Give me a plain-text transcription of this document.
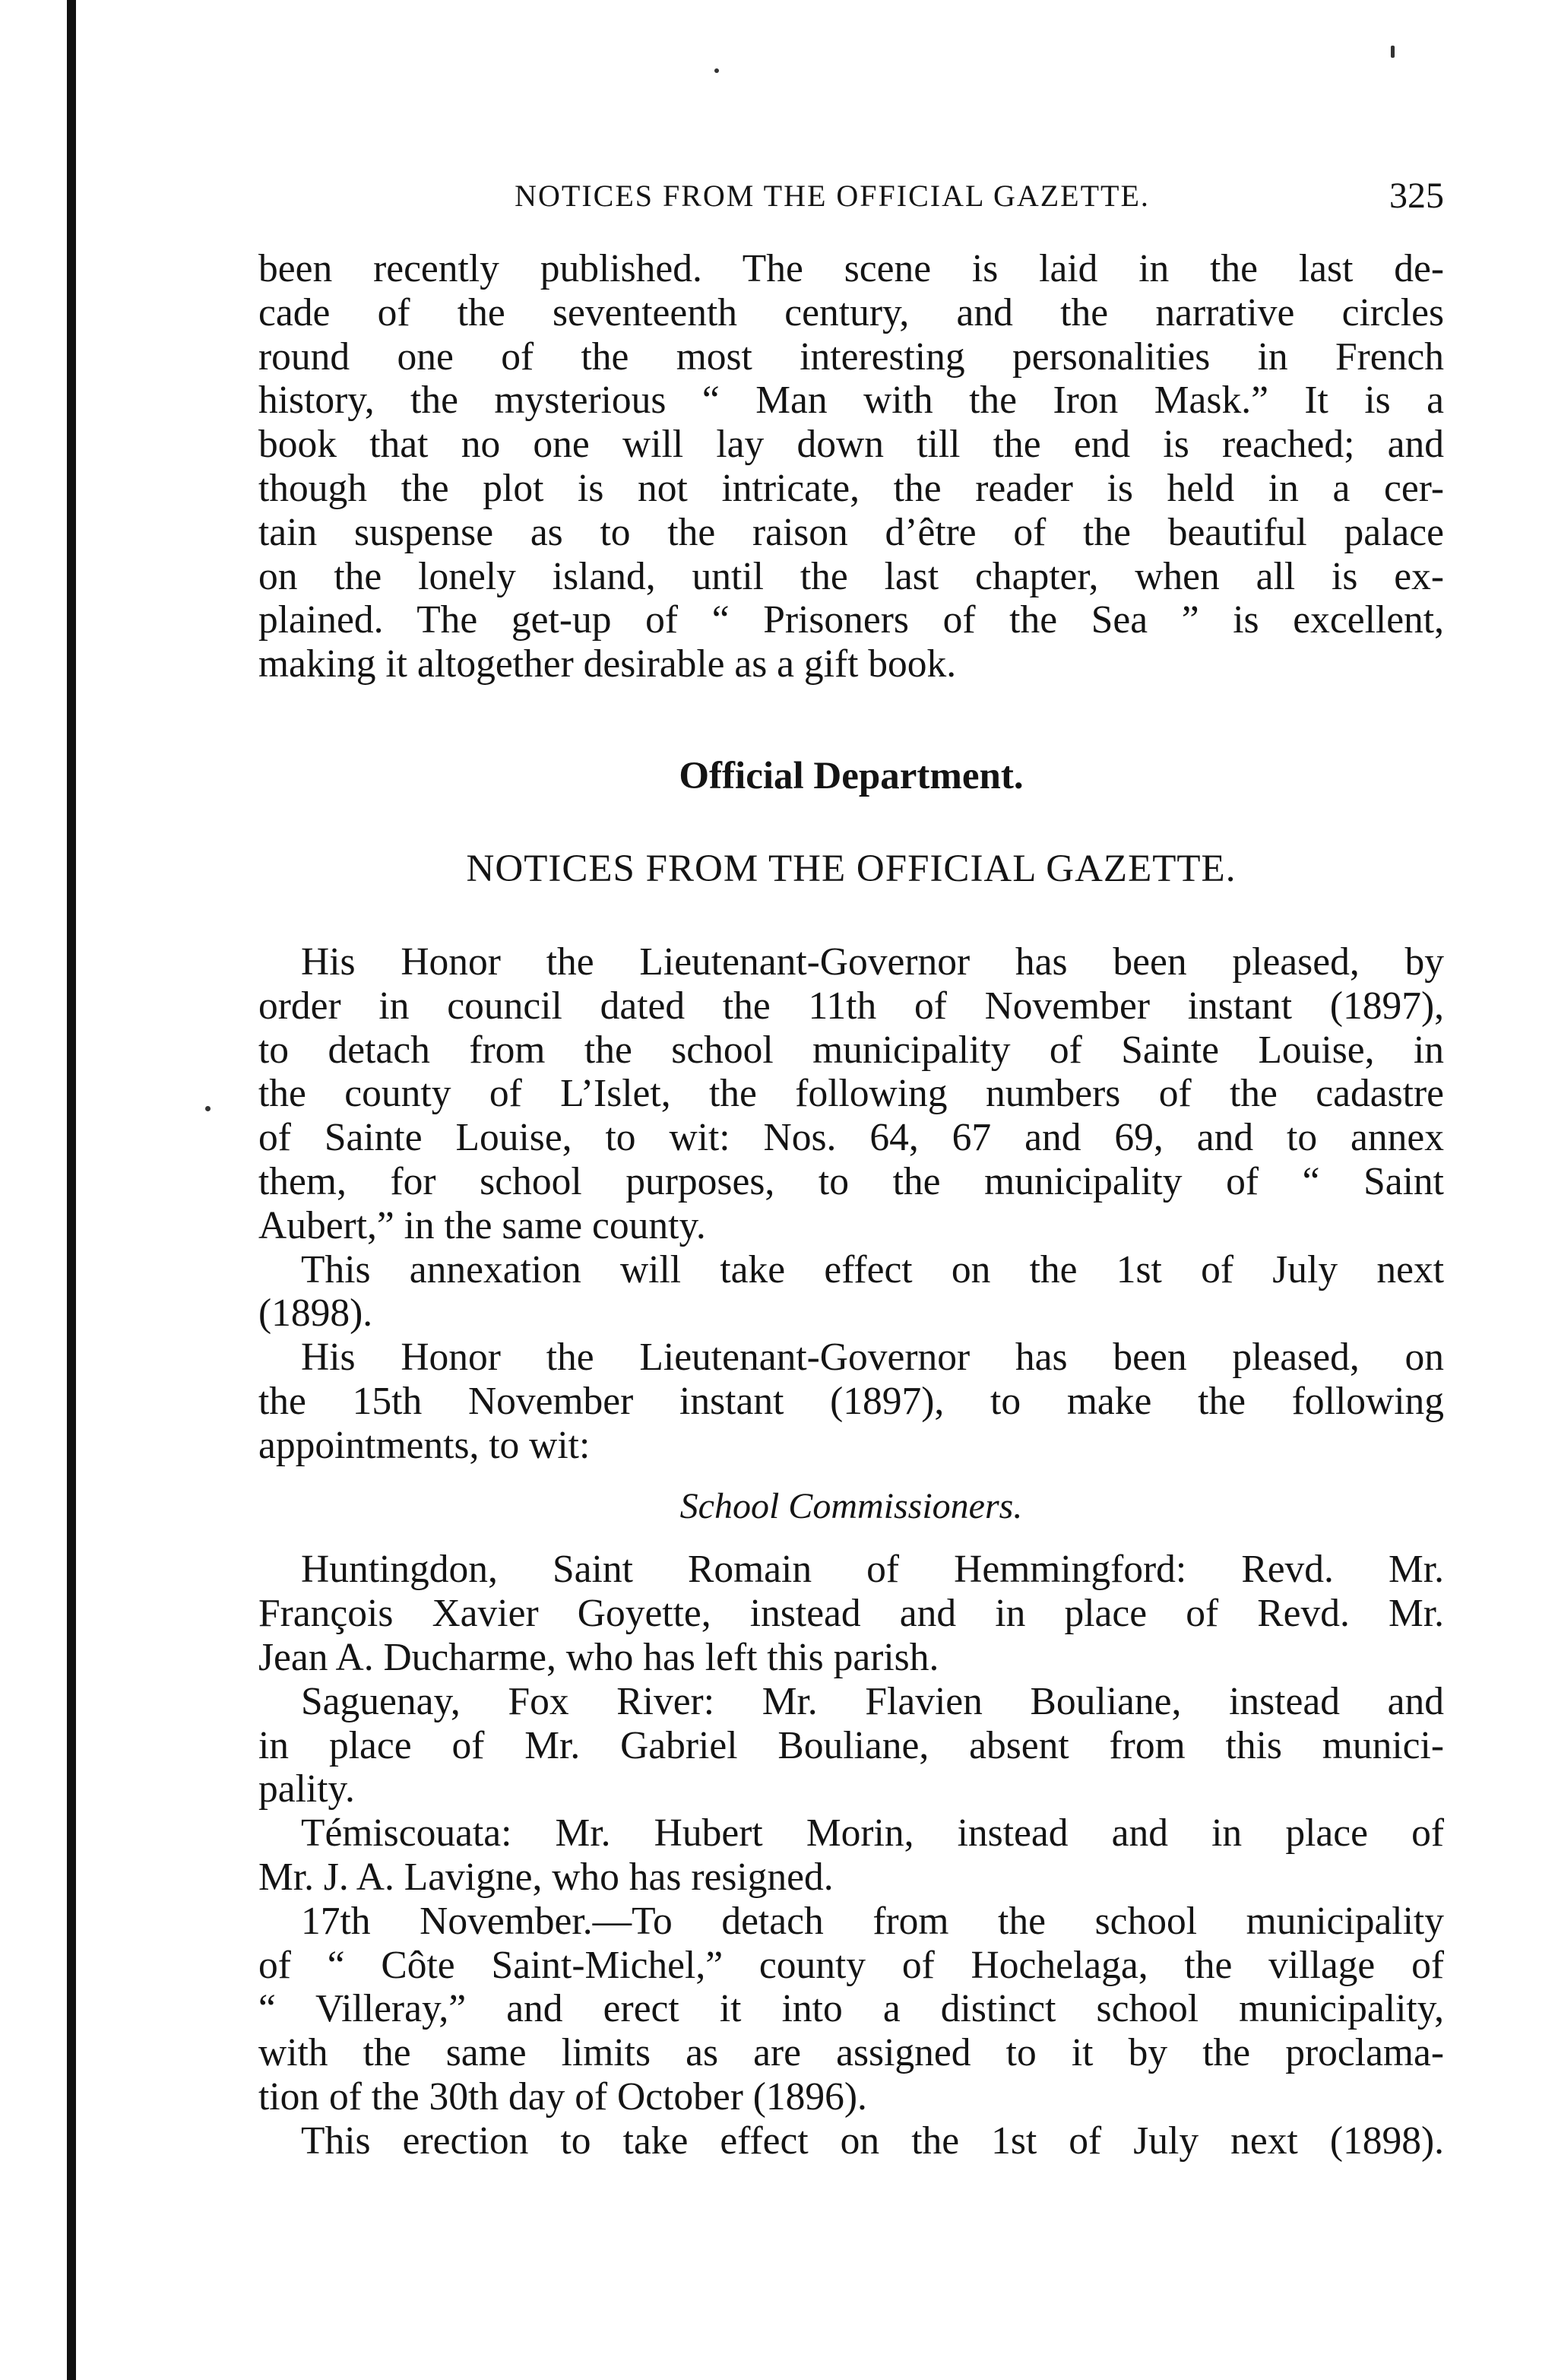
NOTICES FROM THE OFFICIAL GAZETTE.	325
been recently published. The scene is laid in the last de-
cade of the seventeenth century, and the narrative circles
round one of the most interesting personalities in French
history, the mysterious “ Man with the Iron Mask.” It is a
book that no one will lay down till the end is reached; and
though the plot is not intricate, the reader is held in a cer-
tain suspense as to the raison d’être of the beautiful palace
on the lonely island, until the last chapter, when all is ex-
plained. The get-up of “ Prisoners of the Sea ” is excellent,
making it altogether desirable as a gift book.
Official Department.
NOTICES FROM THE OFFICIAL GAZETTE.
His Honor the Lieutenant-Governor has been pleased, by
order in council dated the 11th of November instant (1897),
to detach from the school municipality of Sainte Louise, in
the county of L’Islet, the following numbers of the cadastre
of Sainte Louise, to wit: Nos. 64, 67 and 69, and to annex
them, for school purposes, to the municipality of “ Saint
Aubert,” in the same county.
This annexation will take effect on the 1st of July next
(1898).
His Honor the Lieutenant-Governor has been pleased, on
the 15th November instant (1897), to make the following
appointments, to wit:
School Commissioners.
Huntingdon, Saint Romain of Hemmingford: Revd. Mr.
François Xavier Goyette, instead and in place of Revd. Mr.
Jean A. Ducharme, who has left this parish.
Saguenay, Fox River: Mr. Flavien Bouliane, instead and
in place of Mr. Gabriel Bouliane, absent from this munici-
pality.
Témiscouata: Mr. Hubert Morin, instead and in place of
Mr. J. A. Lavigne, who has resigned.
17th November.—To detach from the school municipality
of “ Côte Saint-Michel,” county of Hochelaga, the village of
“ Villeray,” and erect it into a distinct school municipality,
with the same limits as are assigned to it by the proclama-
tion of the 30th day of October (1896).
This erection to take effect on the 1st of July next (1898).
